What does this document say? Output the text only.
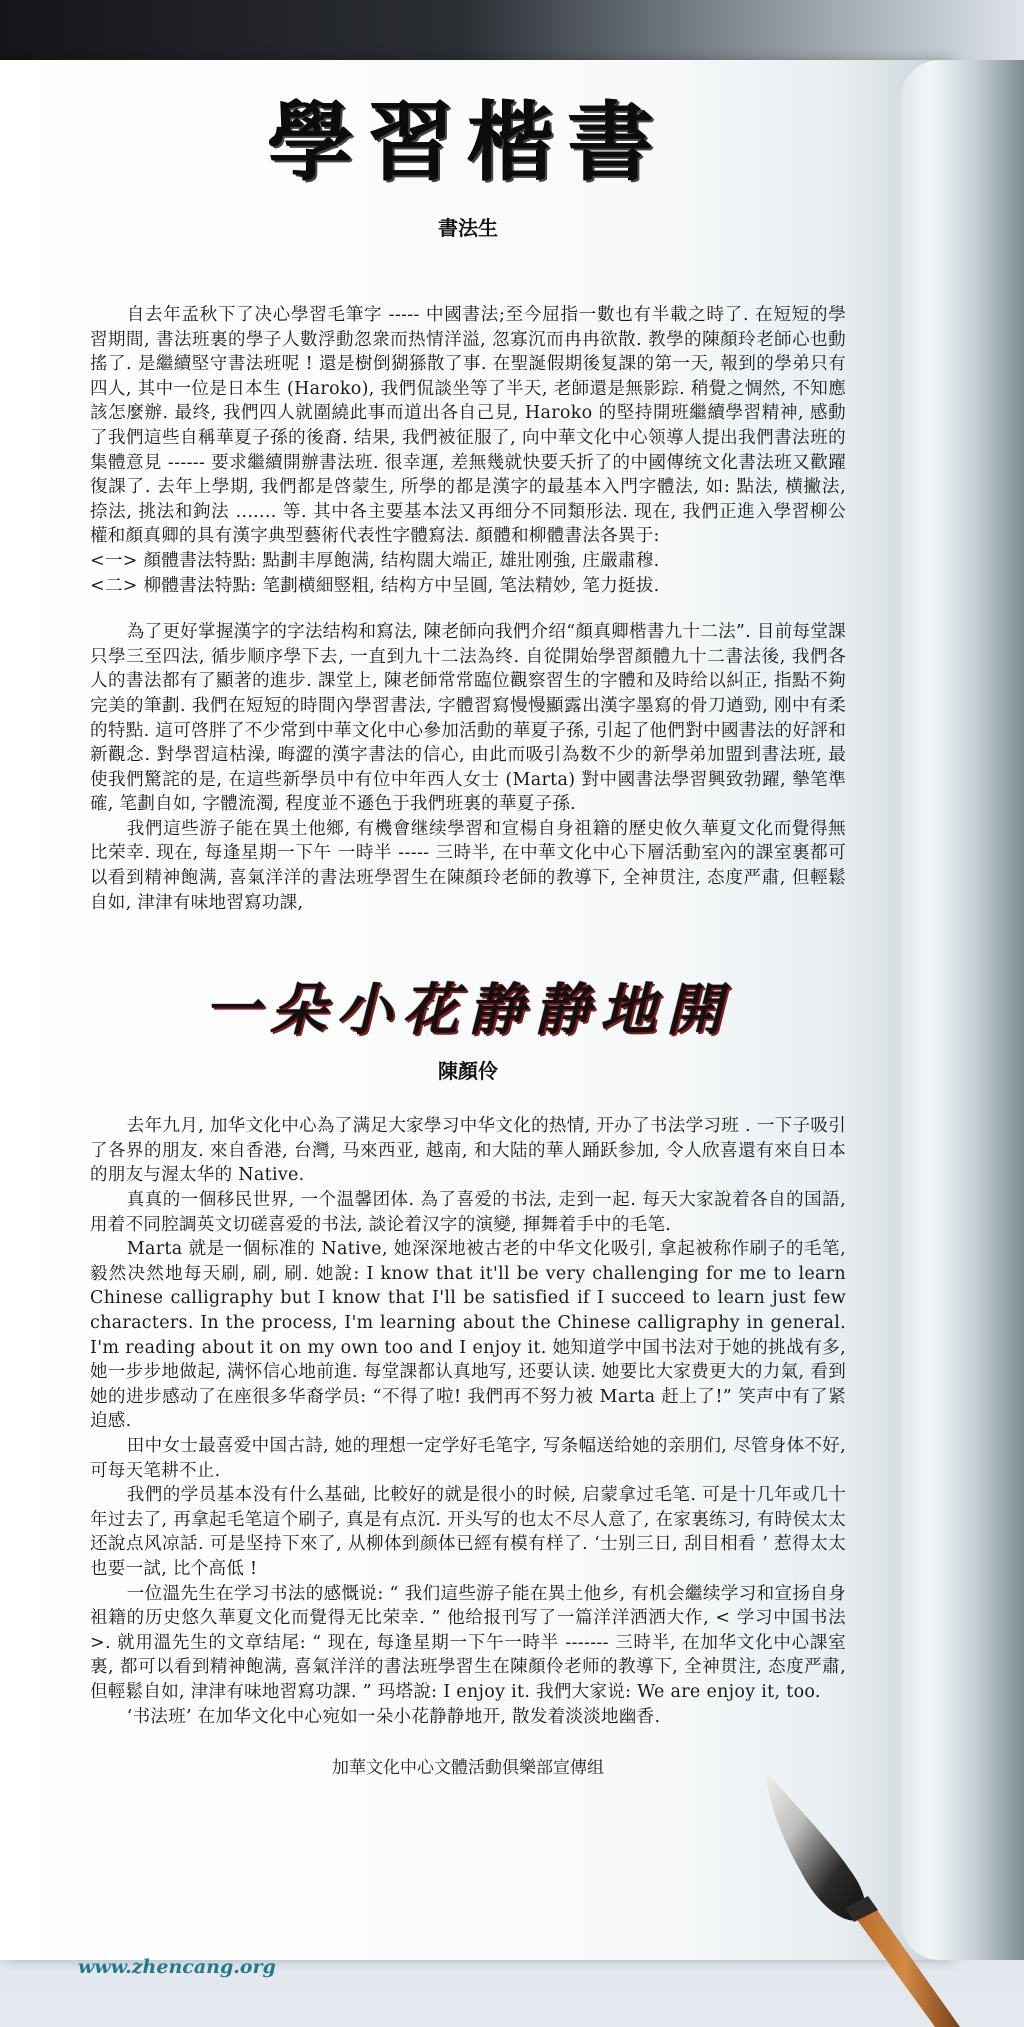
學習楷書
書法生

自去年孟秋下了决心學習毛筆字 ----- 中國書法;至今屈指一數也有半載之時了. 在短短的學習期間, 書法班裏的學子人數浮動忽衆而热情洋溢, 忽寡沉而冉冉欲散. 教學的陳顏玲老師心也動搖了. 是繼續堅守書法班呢 ! 還是樹倒猢猻散了事. 在聖誕假期後复課的第一天, 報到的學弟只有四人, 其中一位是日本生 (Haroko), 我們侃談坐等了半天, 老師還是無影踪. 稍覺之惆然, 不知應該怎麼辦. 最终, 我們四人就圍繞此事而道出各自己見, Haroko 的堅持開班繼續學習精神, 感動了我們這些自稱華夏子孫的後裔. 结果, 我們被征服了, 向中華文化中心领導人提出我們書法班的集體意見 ------ 要求繼續開辦書法班. 很幸運, 差無幾就快要夭折了的中國傳统文化書法班又歡躍復課了. 去年上學期, 我們都是啓蒙生, 所學的都是漢字的最基本入門字體法, 如: 點法, 横撇法, 捺法, 挑法和鉤法 ....... 等. 其中各主要基本法又再细分不同類形法. 现在, 我們正進入學習柳公權和顏真卿的具有漢字典型藝術代表性字體寫法. 顏體和柳體書法各異于:

<一> 顏體書法特點: 點劃丰厚飽满, 结构闊大端正, 雄壯刚強, 庄嚴肅穆.

<二> 柳體書法特點: 笔劃横細竪粗, 结构方中呈圓, 笔法精妙, 笔力挺拔.

為了更好掌握漢字的字法结构和寫法, 陳老師向我們介绍“顏真卿楷書九十二法”. 目前每堂課只學三至四法, 循步顺序學下去, 一直到九十二法為终. 自從開始學習顏體九十二書法後, 我們各人的書法都有了顯著的進步. 課堂上, 陳老師常常臨位觀察習生的字體和及時给以糾正, 指點不夠完美的筆劃. 我們在短短的時間內學習書法, 字體習寫慢慢顯露出漢字墨寫的骨刀遒勁, 刚中有柔的特點. 這可啓胖了不少常到中華文化中心參加活動的華夏子孫, 引起了他們對中國書法的好評和新觀念. 對學習這枯澡, 晦澀的漢字書法的信心, 由此而吸引為数不少的新學弟加盟到書法班, 最使我們驚詫的是, 在這些新學员中有位中年西人女士 (Marta) 對中國書法學習興致勃躍, 摰笔準確, 笔劃自如, 字體流濁, 程度並不遜色于我們班裏的華夏子孫.

我們這些游子能在異土他鄉, 有機會继续學習和宣楊自身祖籍的歷史攸久華夏文化而覺得無比荣幸. 现在, 每逢星期一下午 一時半 ----- 三時半, 在中華文化中心下層活動室內的課室裏都可以看到精神飽满, 喜氣洋洋的書法班學習生在陳顏玲老師的教導下, 全神贯注, 态度严肅, 但輕鬆自如, 津津有味地習寫功課,

一朵小花静静地開
陳顏伶

去年九月, 加华文化中心為了满足大家學习中华文化的热情, 开办了书法学习班 . 一下子吸引了各界的朋友. 來自香港, 台灣, 马來西亚, 越南, 和大陆的華人踊跃参加, 令人欣喜還有來自日本的朋友与渥太华的 Native.

真真的一個移民世界, 一个温馨团体. 為了喜爱的书法, 走到一起. 每天大家說着各自的国語, 用着不同腔調英文切磋喜爱的书法, 談论着汉字的演變, 揮舞着手中的毛笔.

Marta 就是一個标准的 Native, 她深深地被古老的中华文化吸引, 拿起被称作刷子的毛笔, 毅然决然地每天刷, 刷, 刷. 她說: I know that it'll be very challenging for me to learn Chinese calligraphy but I know that I'll be satisfied if I succeed to learn just few characters. In the process, I'm learning about the Chinese calligraphy in general. I'm reading about it on my own too and I enjoy it. 她知道学中国书法对于她的挑战有多, 她一步步地做起, 满怀信心地前進. 每堂課都认真地写, 还要认读. 她要比大家费更大的力氣, 看到她的进步感动了在座很多华裔学员: “不得了啦! 我們再不努力被 Marta 赶上了!” 笑声中有了紧迫感.

田中女士最喜爱中国古詩, 她的理想一定学好毛笔字, 写条幅送给她的亲朋们, 尽管身体不好, 可每天笔耕不止.

我們的学员基本没有什么基础, 比較好的就是很小的时候, 启蒙拿过毛笔. 可是十几年或几十年过去了, 再拿起毛笔這个刷子, 真是有点沉. 开头写的也太不尽人意了, 在家裏练习, 有時侯太太还說点风凉話. 可是坚持下來了, 从柳体到颜体已經有模有样了. ‘士别三日, 刮目相看 ’ 惹得太太也要一試, 比个高低 !

一位溫先生在学习书法的感慨说: “ 我们這些游子能在異土他乡, 有机会繼续学习和宣扬自身祖籍的历史悠久華夏文化而覺得无比荣幸. ” 他给报刊写了一篇洋洋洒洒大作, < 学习中国书法 >. 就用溫先生的文章结尾: “ 现在, 每逢星期一下午一時半 ------- 三時半, 在加华文化中心課室裏, 都可以看到精神飽满, 喜氣洋洋的書法班學習生在陳顏伶老师的教導下, 全神贯注, 态度严肅, 但輕鬆自如, 津津有味地習寫功課. ” 玛塔說: I enjoy it. 我們大家说: We are enjoy it, too.

‘书法班’ 在加华文化中心宛如一朵小花静静地开, 散发着淡淡地幽香.

加華文化中心文體活動俱樂部宣傳组
www.zhencang.org
